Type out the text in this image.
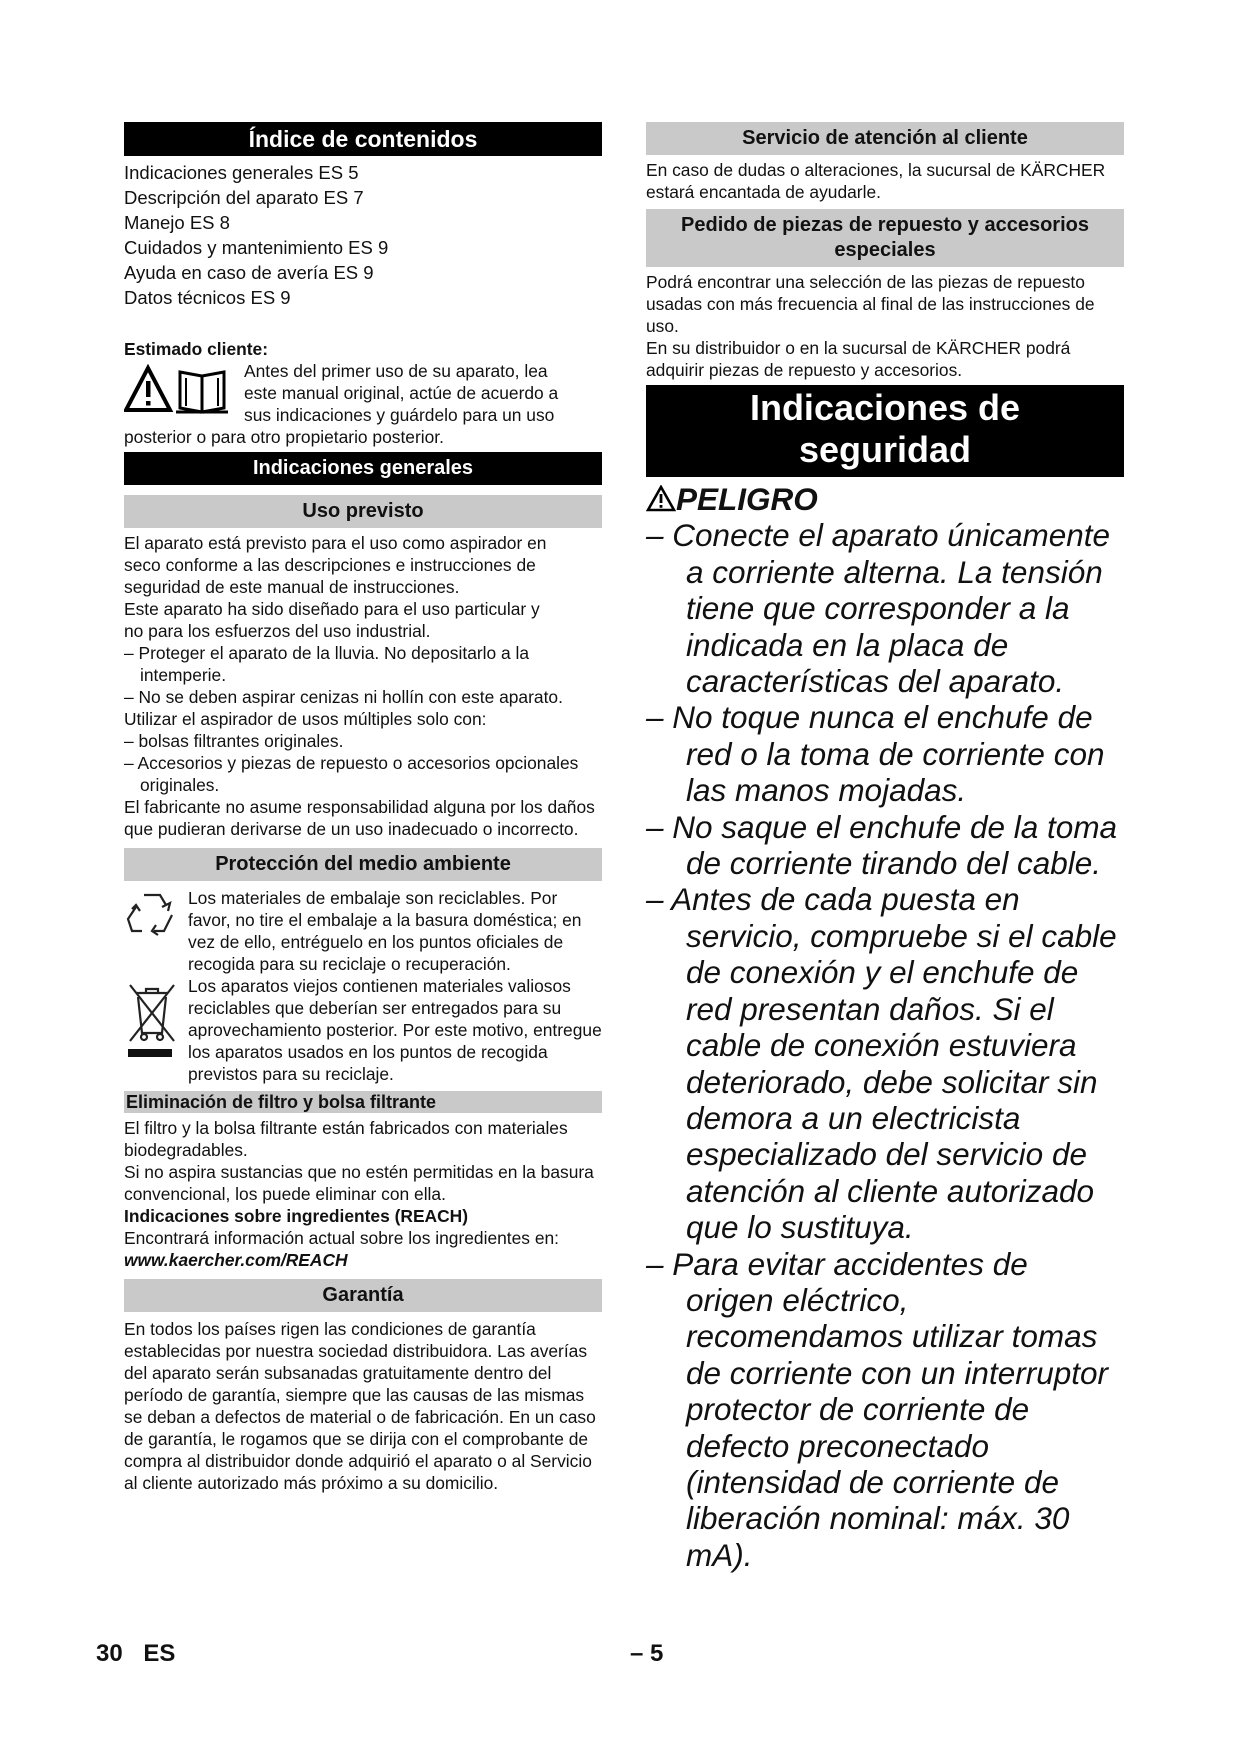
Índice de contenidos

Indicaciones generales ES 5

Descripción del aparato ES 7

Manejo ES 8

Cuidados y mantenimiento ES 9

Ayuda en caso de avería ES 9

Datos técnicos ES 9

Estimado cliente:

Antes del primer uso de su aparato, lea

este manual original, actúe de acuerdo a

sus indicaciones y guárdelo para un uso

posterior o para otro propietario posterior.

Indicaciones generales
Uso previsto

El aparato está previsto para el uso como aspirador en

seco conforme a las descripciones e instrucciones de

seguridad de este manual de instrucciones.

Este aparato ha sido diseñado para el uso particular y

no para los esfuerzos del uso industrial.

– Proteger el aparato de la lluvia. No depositarlo a la intemperie.

– No se deben aspirar cenizas ni hollín con este aparato.

Utilizar el aspirador de usos múltiples solo con:

– bolsas filtrantes originales.

– Accesorios y piezas de repuesto o accesorios opcionales originales.

El fabricante no asume responsabilidad alguna por los daños que pudieran derivarse de un uso inadecuado o incorrecto.

Protección del medio ambiente

Los materiales de embalaje son reciclables. Por favor, no tire el embalaje a la basura doméstica; en vez de ello, entréguelo en los puntos oficiales de recogida para su reciclaje o recuperación.

Los aparatos viejos contienen materiales valiosos reciclables que deberían ser entregados para su aprovechamiento posterior. Por este motivo, entregue los aparatos usados en los puntos de recogida previstos para su reciclaje.

Eliminación de filtro y bolsa filtrante

El filtro y la bolsa filtrante están fabricados con materiales biodegradables.

Si no aspira sustancias que no estén permitidas en la basura convencional, los puede eliminar con ella.

Indicaciones sobre ingredientes (REACH)

Encontrará información actual sobre los ingredientes en:

www.kaercher.com/REACH

Garantía

En todos los países rigen las condiciones de garantía establecidas por nuestra sociedad distribuidora. Las averías del aparato serán subsanadas gratuitamente dentro del período de garantía, siempre que las causas de las mismas se deban a defectos de material o de fabricación. En un caso de garantía, le rogamos que se dirija con el comprobante de compra al distribuidor donde adquirió el aparato o al Servicio al cliente autorizado más próximo a su domicilio.

Servicio de atención al cliente

En caso de dudas o alteraciones, la sucursal de KÄRCHER estará encantada de ayudarle.

Pedido de piezas de repuesto y accesorios especiales

Podrá encontrar una selección de las piezas de repuesto usadas con más frecuencia al final de las instrucciones de uso.

En su distribuidor o en la sucursal de KÄRCHER podrá adquirir piezas de repuesto y accesorios.

Indicaciones de
seguridad
PELIGRO

– Conecte el aparato únicamente a corriente alterna. La tensión tiene que corresponder a la indicada en la placa de características del aparato.

– No toque nunca el enchufe de red o la toma de corriente con las manos mojadas.

– No saque el enchufe de la toma de corriente tirando del cable.

– Antes de cada puesta en servicio, compruebe si el cable de conexión y el enchufe de red presentan daños. Si el cable de conexión estuviera deteriorado, debe solicitar sin demora a un electricista especializado del servicio de atención al cliente autorizado que lo sustituya.

– Para evitar accidentes de origen eléctrico, recomendamos utilizar tomas de corriente con un interruptor protector de corriente de defecto preconectado (intensidad de corriente de liberación nominal: máx. 30 mA).

30 ES	– 5
